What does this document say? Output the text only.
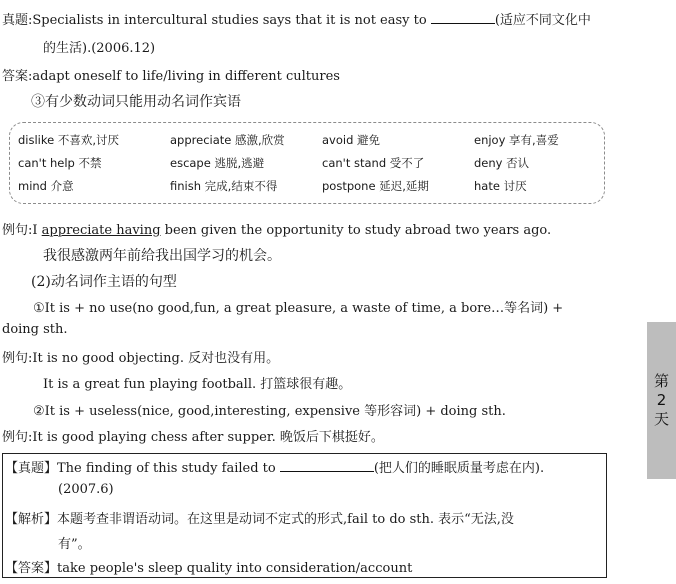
真题:Specialists in intercultural studies says that it is not easy to	(适应不同文化中
的生活).(2006.12)
答案:adapt oneself to life/living in different cultures
③有少数动词只能用动名词作宾语
dislike 不喜欢,讨厌	appreciate 感激,欣赏	avoid 避免	enjoy 享有,喜爱
can't help 不禁	escape 逃脱,逃避	can't stand 受不了	deny 否认
mind 介意	finish 完成,结束不得	postpone 延迟,延期	hate 讨厌
例句:I appreciate having been given the opportunity to study abroad two years ago.
我很感激两年前给我出国学习的机会。
(2)动名词作主语的句型
①It is + no use(no good,fun, a great pleasure, a waste of time, a bore…等名词) +
doing sth.
例句:It is no good objecting. 反对也没有用。
It is a great fun playing football. 打篮球很有趣。
②It is + useless(nice, good,interesting, expensive 等形容词) + doing sth.
例句:It is good playing chess after supper. 晚饭后下棋挺好。
【真题】The finding of this study failed to	(把人们的睡眠质量考虑在内).
(2007.6)
【解析】本题考查非谓语动词。在这里是动词不定式的形式,fail to do sth. 表示“无法,没
有”。
【答案】take people's sleep quality into consideration/account
第
2
天
